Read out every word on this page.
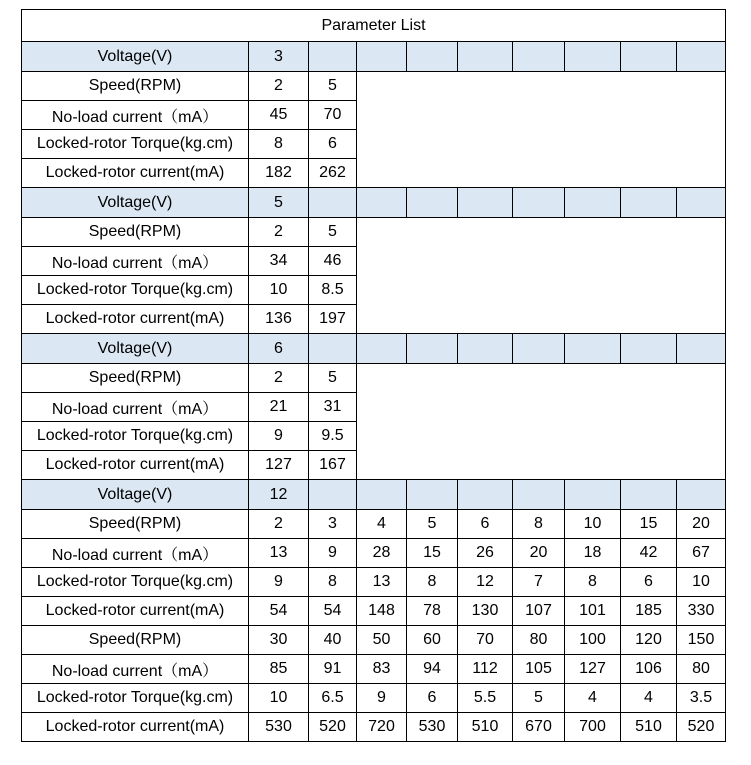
Parameter List									
Voltage(V)	3								
Speed(RPM)	2	5							
No-load current（mA）	45	70							
Locked-rotor Torque(kg.cm)	8	6							
Locked-rotor current(mA)	182	262							
Voltage(V)	5								
Speed(RPM)	2	5							
No-load current（mA）	34	46							
Locked-rotor Torque(kg.cm)	10	8.5							
Locked-rotor current(mA)	136	197							
Voltage(V)	6								
Speed(RPM)	2	5							
No-load current（mA）	21	31							
Locked-rotor Torque(kg.cm)	9	9.5							
Locked-rotor current(mA)	127	167							
Voltage(V)	12								
Speed(RPM)	2	3	4	5	6	8	10	15	20
No-load current（mA）	13	9	28	15	26	20	18	42	67
Locked-rotor Torque(kg.cm)	9	8	13	8	12	7	8	6	10
Locked-rotor current(mA)	54	54	148	78	130	107	101	185	330
Speed(RPM)	30	40	50	60	70	80	100	120	150
No-load current（mA）	85	91	83	94	112	105	127	106	80
Locked-rotor Torque(kg.cm)	10	6.5	9	6	5.5	5	4	4	3.5
Locked-rotor current(mA)	530	520	720	530	510	670	700	510	520
